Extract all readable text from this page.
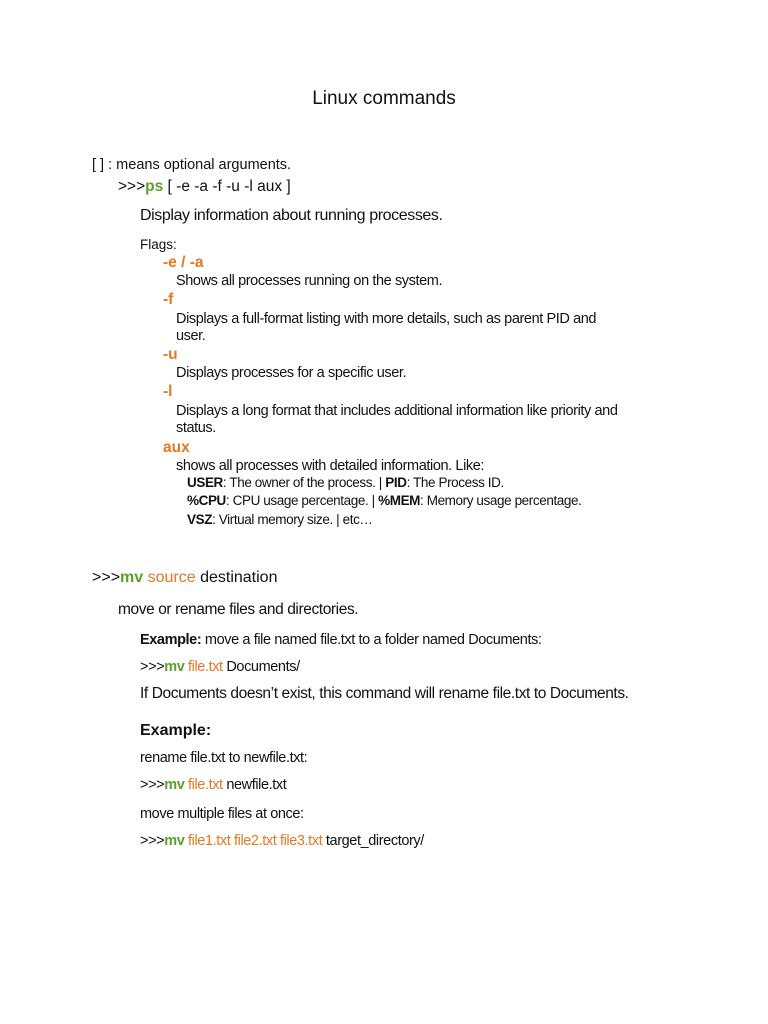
Linux commands
[ ] : means optional arguments.
>>>ps [ -e -a -f -u -l aux ]
Display information about running processes.
Flags:
-e / -a
Shows all processes running on the system.
-f
Displays a full-format listing with more details, such as parent PID and
user.
-u
Displays processes for a specific user.
-l
Displays a long format that includes additional information like priority and
status.
aux
shows all processes with detailed information. Like:
USER: The owner of the process. | PID: The Process ID.
%CPU: CPU usage percentage. | %MEM: Memory usage percentage.
VSZ: Virtual memory size. | etc…
>>>mv source destination
move or rename files and directories.
Example: move a file named file.txt to a folder named Documents:
>>>mv file.txt Documents/
If Documents doesn’t exist, this command will rename file.txt to Documents.
Example:
rename file.txt to newfile.txt:
>>>mv file.txt newfile.txt
move multiple files at once:
>>>mv file1.txt file2.txt file3.txt target_directory/
